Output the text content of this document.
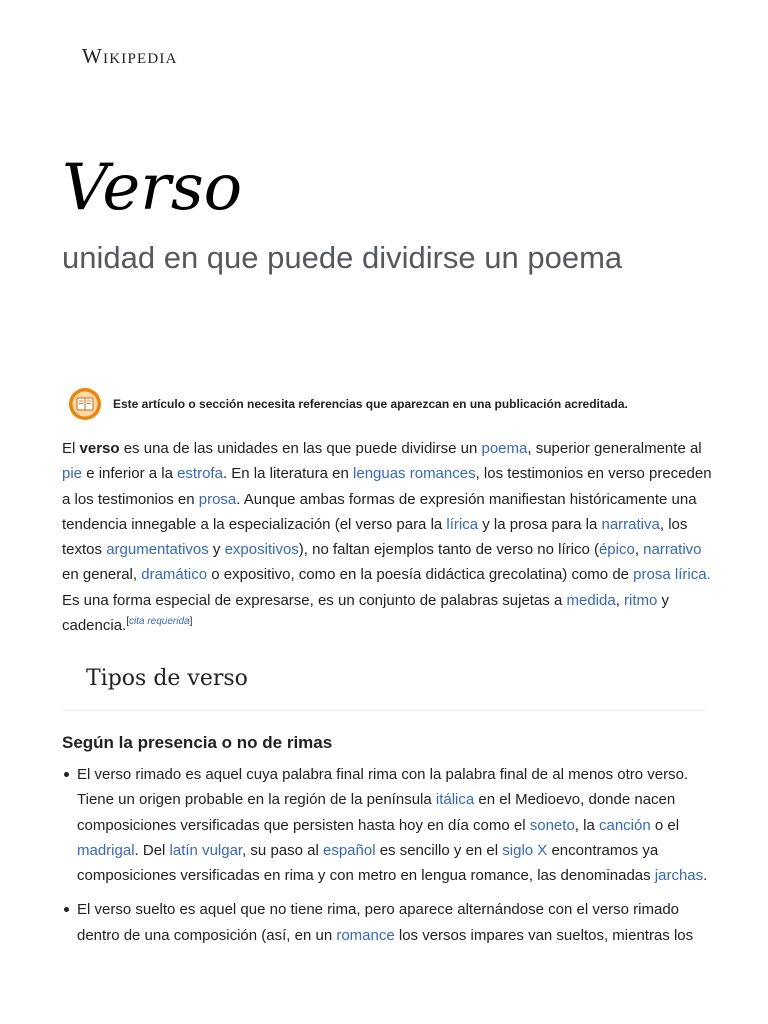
Wikipedia
Verso
unidad en que puede dividirse un poema
Este artículo o sección necesita referencias que aparezcan en una publicación acreditada.

El verso es una de las unidades en las que puede dividirse un poema, superior generalmente al pie e inferior a la estrofa. En la literatura en lenguas romances, los testimonios en verso preceden a los testimonios en prosa. Aunque ambas formas de expresión manifiestan históricamente una tendencia innegable a la especialización (el verso para la lírica y la prosa para la narrativa, los textos argumentativos y expositivos), no faltan ejemplos tanto de verso no lírico (épico, narrativo en general, dramático o expositivo, como en la poesía didáctica grecolatina) como de prosa lírica. Es una forma especial de expresarse, es un conjunto de palabras sujetas a medida, ritmo y cadencia.[cita requerida]

Tipos de verso
Según la presencia o no de rimas
El verso rimado es aquel cuya palabra final rima con la palabra final de al menos otro verso. Tiene un origen probable en la región de la península itálica en el Medioevo, donde nacen composiciones versificadas que persisten hasta hoy en día como el soneto, la canción o el madrigal. Del latín vulgar, su paso al español es sencillo y en el siglo X encontramos ya composiciones versificadas en rima y con metro en lengua romance, las denominadas jarchas.
El verso suelto es aquel que no tiene rima, pero aparece alternándose con el verso rimado dentro de una composición (así, en un romance los versos impares van sueltos, mientras los
